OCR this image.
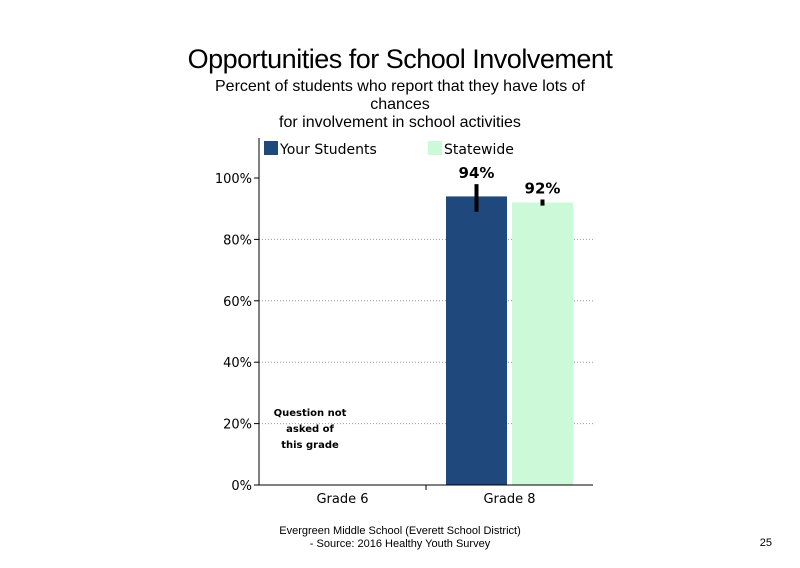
Opportunities for School Involvement
Percent of students who report that they have lots of
chances
for involvement in school activities
0%
20%
40%
60%
80%
100%
Grade 6	Grade 8
94%
92%
Your Students	Statewide
Question not
asked of
this grade
Evergreen Middle School (Everett School District)
- Source: 2016 Healthy Youth Survey	25
